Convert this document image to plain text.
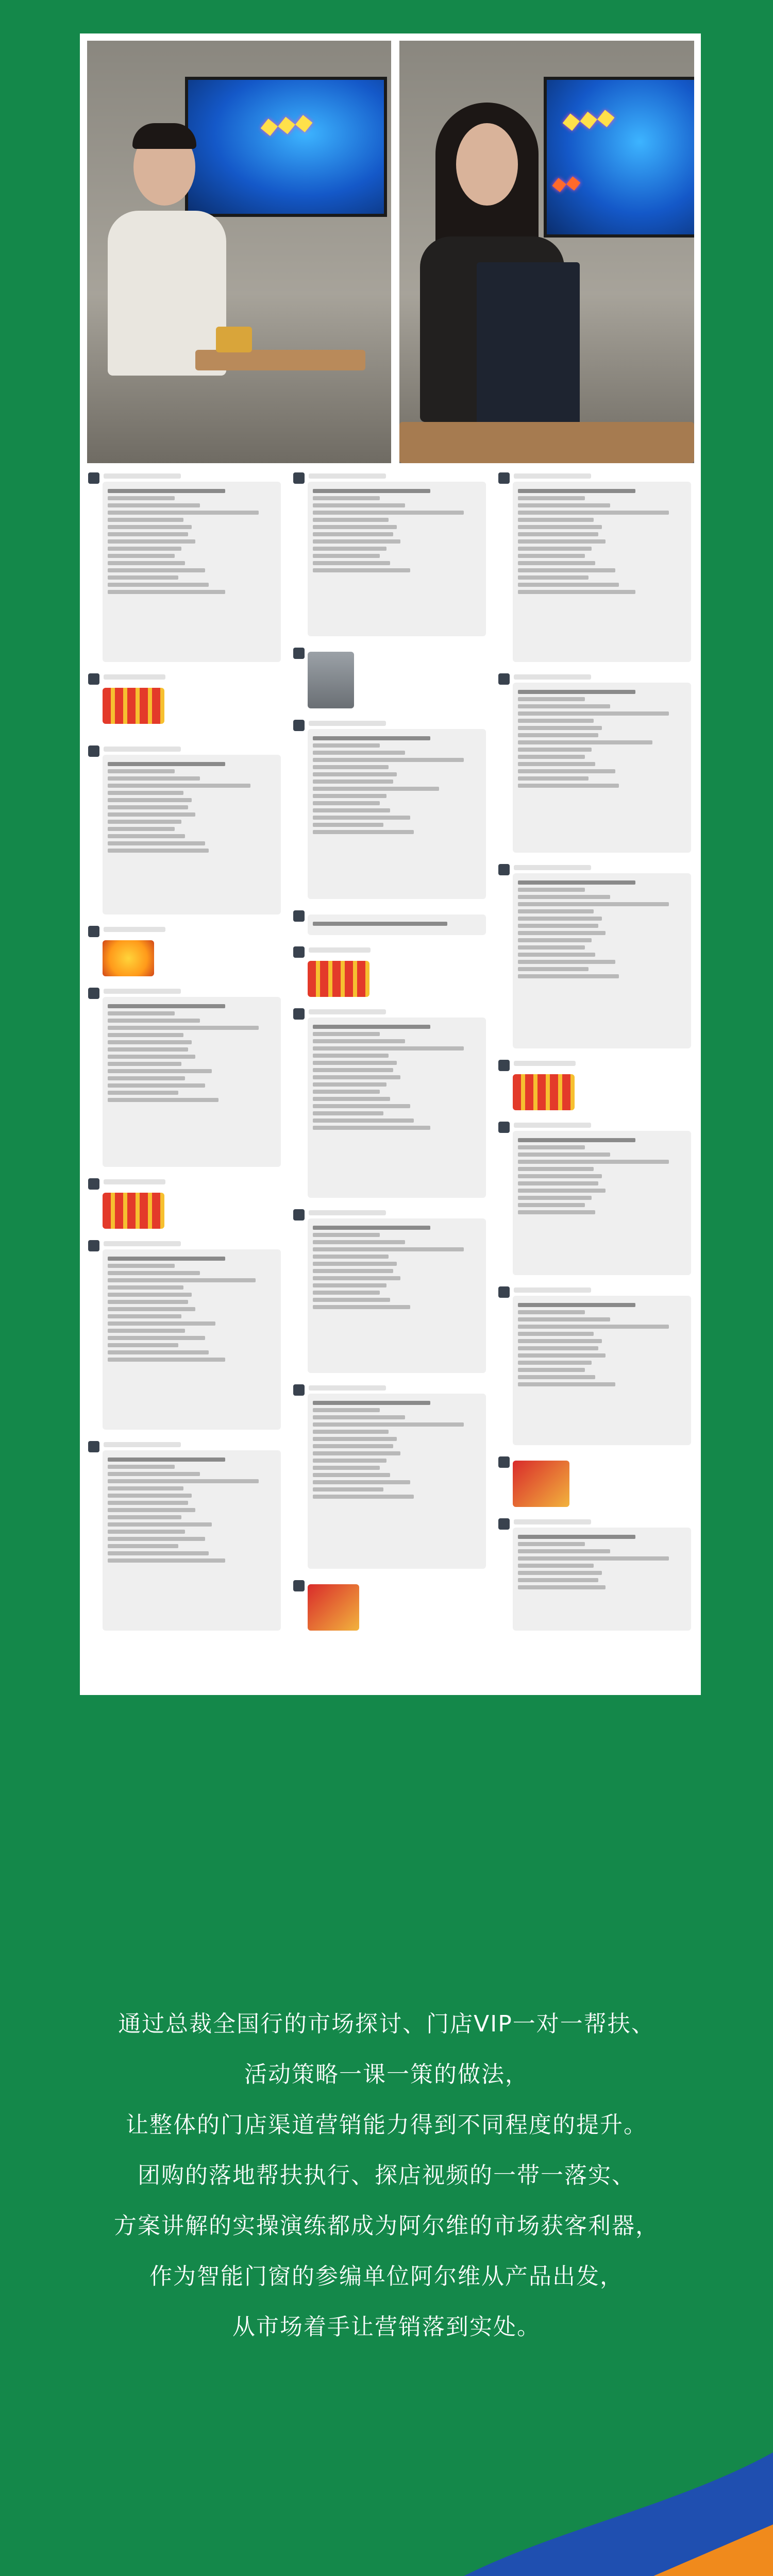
◆◆◆	◆◆◆
◆◆

通过总裁全国行的市场探讨、门店VIP一对一帮扶、

活动策略一课一策的做法，

让整体的门店渠道营销能力得到不同程度的提升。

团购的落地帮扶执行、探店视频的一带一落实、

方案讲解的实操演练都成为阿尔维的市场获客利器，

作为智能门窗的参编单位阿尔维从产品出发，

从市场着手让营销落到实处。
